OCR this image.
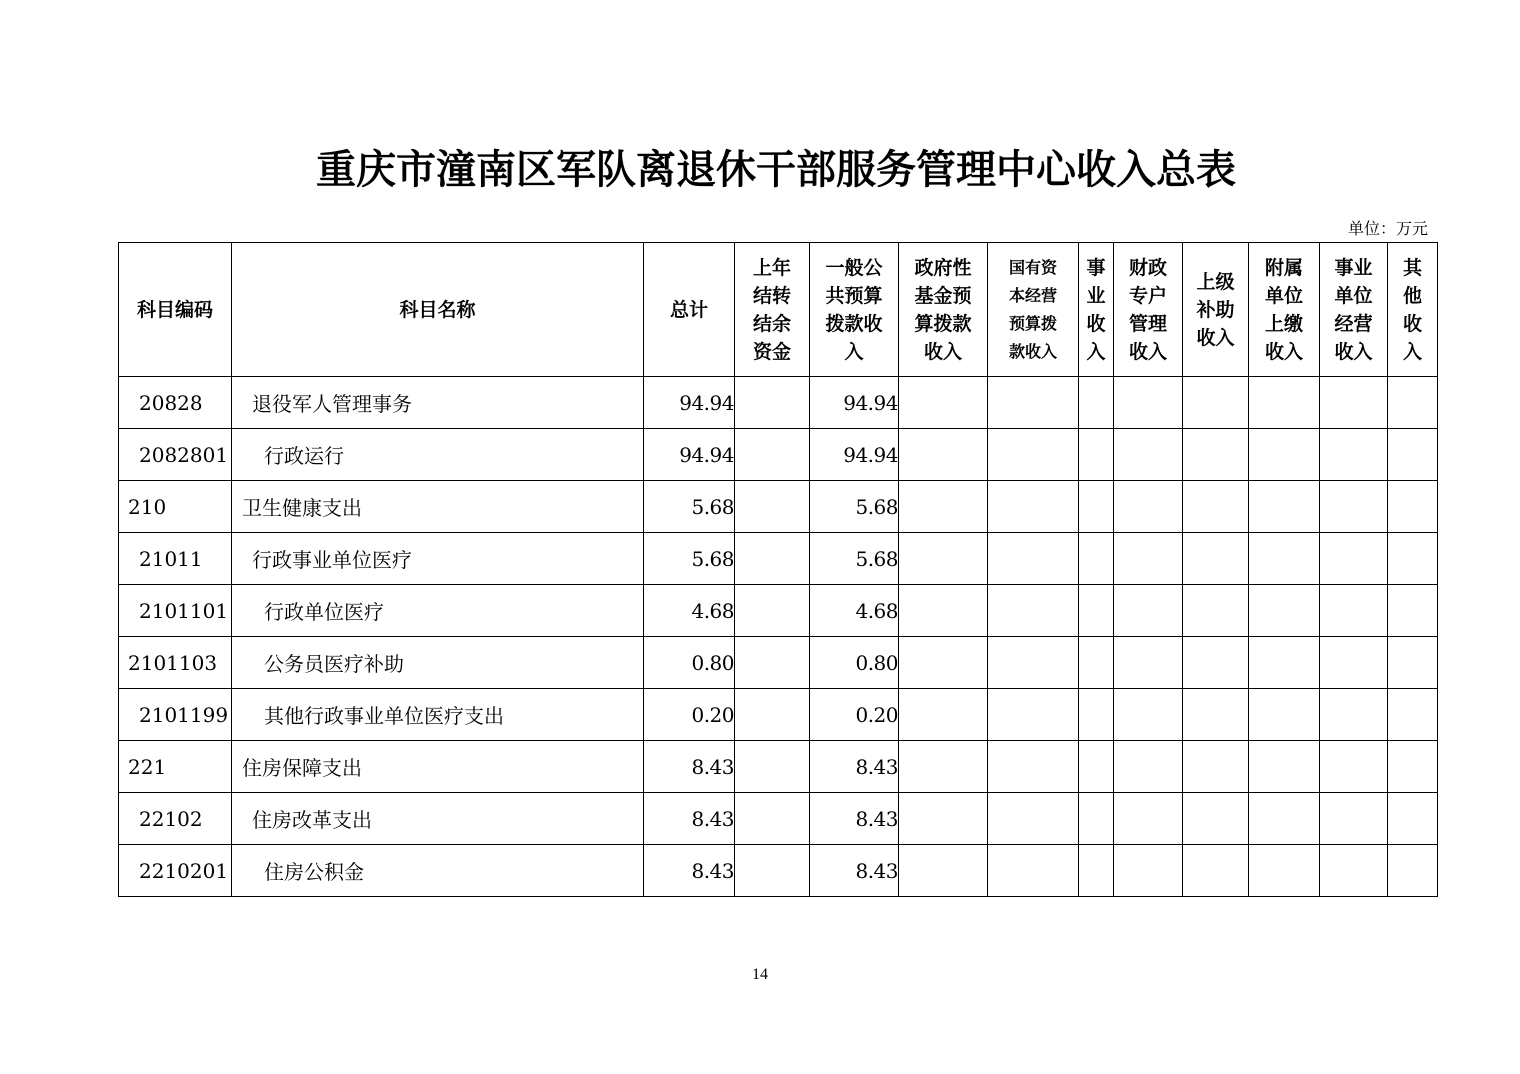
重庆市潼南区军队离退休干部服务管理中心收入总表
单位：万元
科目编码	科目名称	总计	上年结转结余资金	一般公共预算拨款收入	政府性基金预算拨款收入	国有资本经营预算拨款收入	事业收入	财政专户管理收入	上级补助收入	附属单位上缴收入	事业单位经营收入	其他收入
20828	退役军人管理事务	94.94		94.94								
2082801	行政运行	94.94		94.94								
210	卫生健康支出	5.68		5.68								
21011	行政事业单位医疗	5.68		5.68								
2101101	行政单位医疗	4.68		4.68								
2101103	公务员医疗补助	0.80		0.80								
2101199	其他行政事业单位医疗支出	0.20		0.20								
221	住房保障支出	8.43		8.43								
22102	住房改革支出	8.43		8.43								
2210201	住房公积金	8.43		8.43								
14
